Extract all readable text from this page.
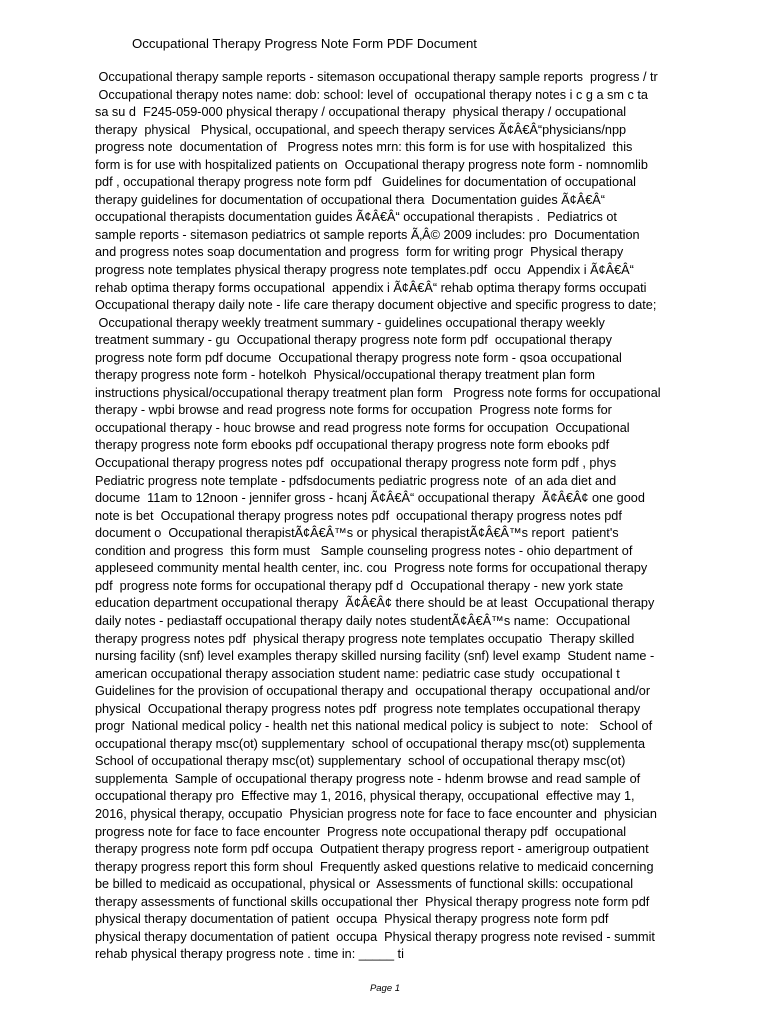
Occupational Therapy Progress Note Form PDF Document
Occupational therapy sample reports - sitemason occupational therapy sample reports  progress / tr
Occupational therapy notes name: dob: school: level of  occupational therapy notes i c g a sm c ta
sa su d  F245-059-000 physical therapy / occupational therapy  physical therapy / occupational
therapy  physical   Physical, occupational, and speech therapy services Ã¢Â€Â“physicians/npp
progress note  documentation of   Progress notes mrn: this form is for use with hospitalized  this
form is for use with hospitalized patients on  Occupational therapy progress note form - nomnomlib
pdf , occupational therapy progress note form pdf   Guidelines for documentation of occupational
therapy guidelines for documentation of occupational thera  Documentation guides Ã¢Â€Â“
occupational therapists documentation guides Ã¢Â€Â“ occupational therapists .  Pediatrics ot
sample reports - sitemason pediatrics ot sample reports Ã‚Â© 2009 includes: pro  Documentation
and progress notes soap documentation and progress  form for writing progr  Physical therapy
progress note templates physical therapy progress note templates.pdf  occu  Appendix i Ã¢Â€Â“
rehab optima therapy forms occupational  appendix i Ã¢Â€Â“ rehab optima therapy forms occupati
Occupational therapy daily note - life care therapy document objective and specific progress to date;
Occupational therapy weekly treatment summary - guidelines occupational therapy weekly
treatment summary - gu  Occupational therapy progress note form pdf  occupational therapy
progress note form pdf docume  Occupational therapy progress note form - qsoa occupational
therapy progress note form - hotelkoh  Physical/occupational therapy treatment plan form
instructions physical/occupational therapy treatment plan form   Progress note forms for occupational
therapy - wpbi browse and read progress note forms for occupation  Progress note forms for
occupational therapy - houc browse and read progress note forms for occupation  Occupational
therapy progress note form ebooks pdf occupational therapy progress note form ebooks pdf
Occupational therapy progress notes pdf  occupational therapy progress note form pdf , phys
Pediatric progress note template - pdfsdocuments pediatric progress note  of an ada diet and
docume  11am to 12noon - jennifer gross - hcanj Ã¢Â€Â“ occupational therapy  Ã¢Â€Â¢ one good
note is bet  Occupational therapy progress notes pdf  occupational therapy progress notes pdf
document o  Occupational therapistÃ¢Â€Â™s or physical therapistÃ¢Â€Â™s report  patient's
condition and progress  this form must   Sample counseling progress notes - ohio department of
appleseed community mental health center, inc. cou  Progress note forms for occupational therapy
pdf  progress note forms for occupational therapy pdf d  Occupational therapy - new york state
education department occupational therapy  Ã¢Â€Â¢ there should be at least  Occupational therapy
daily notes - pediastaff occupational therapy daily notes studentÃ¢Â€Â™s name:  Occupational
therapy progress notes pdf  physical therapy progress note templates occupatio  Therapy skilled
nursing facility (snf) level examples therapy skilled nursing facility (snf) level examp  Student name -
american occupational therapy association student name: pediatric case study  occupational t
Guidelines for the provision of occupational therapy and  occupational therapy  occupational and/or
physical  Occupational therapy progress notes pdf  progress note templates occupational therapy
progr  National medical policy - health net this national medical policy is subject to  note:   School of
occupational therapy msc(ot) supplementary  school of occupational therapy msc(ot) supplementa
School of occupational therapy msc(ot) supplementary  school of occupational therapy msc(ot)
supplementa  Sample of occupational therapy progress note - hdenm browse and read sample of
occupational therapy pro  Effective may 1, 2016, physical therapy, occupational  effective may 1,
2016, physical therapy, occupatio  Physician progress note for face to face encounter and  physician
progress note for face to face encounter  Progress note occupational therapy pdf  occupational
therapy progress note form pdf occupa  Outpatient therapy progress report - amerigroup outpatient
therapy progress report this form shoul  Frequently asked questions relative to medicaid concerning
be billed to medicaid as occupational, physical or  Assessments of functional skills: occupational
therapy assessments of functional skills occupational ther  Physical therapy progress note form pdf
physical therapy documentation of patient  occupa  Physical therapy progress note form pdf
physical therapy documentation of patient  occupa  Physical therapy progress note revised - summit
rehab physical therapy progress note . time in: _____ ti
Page 1
